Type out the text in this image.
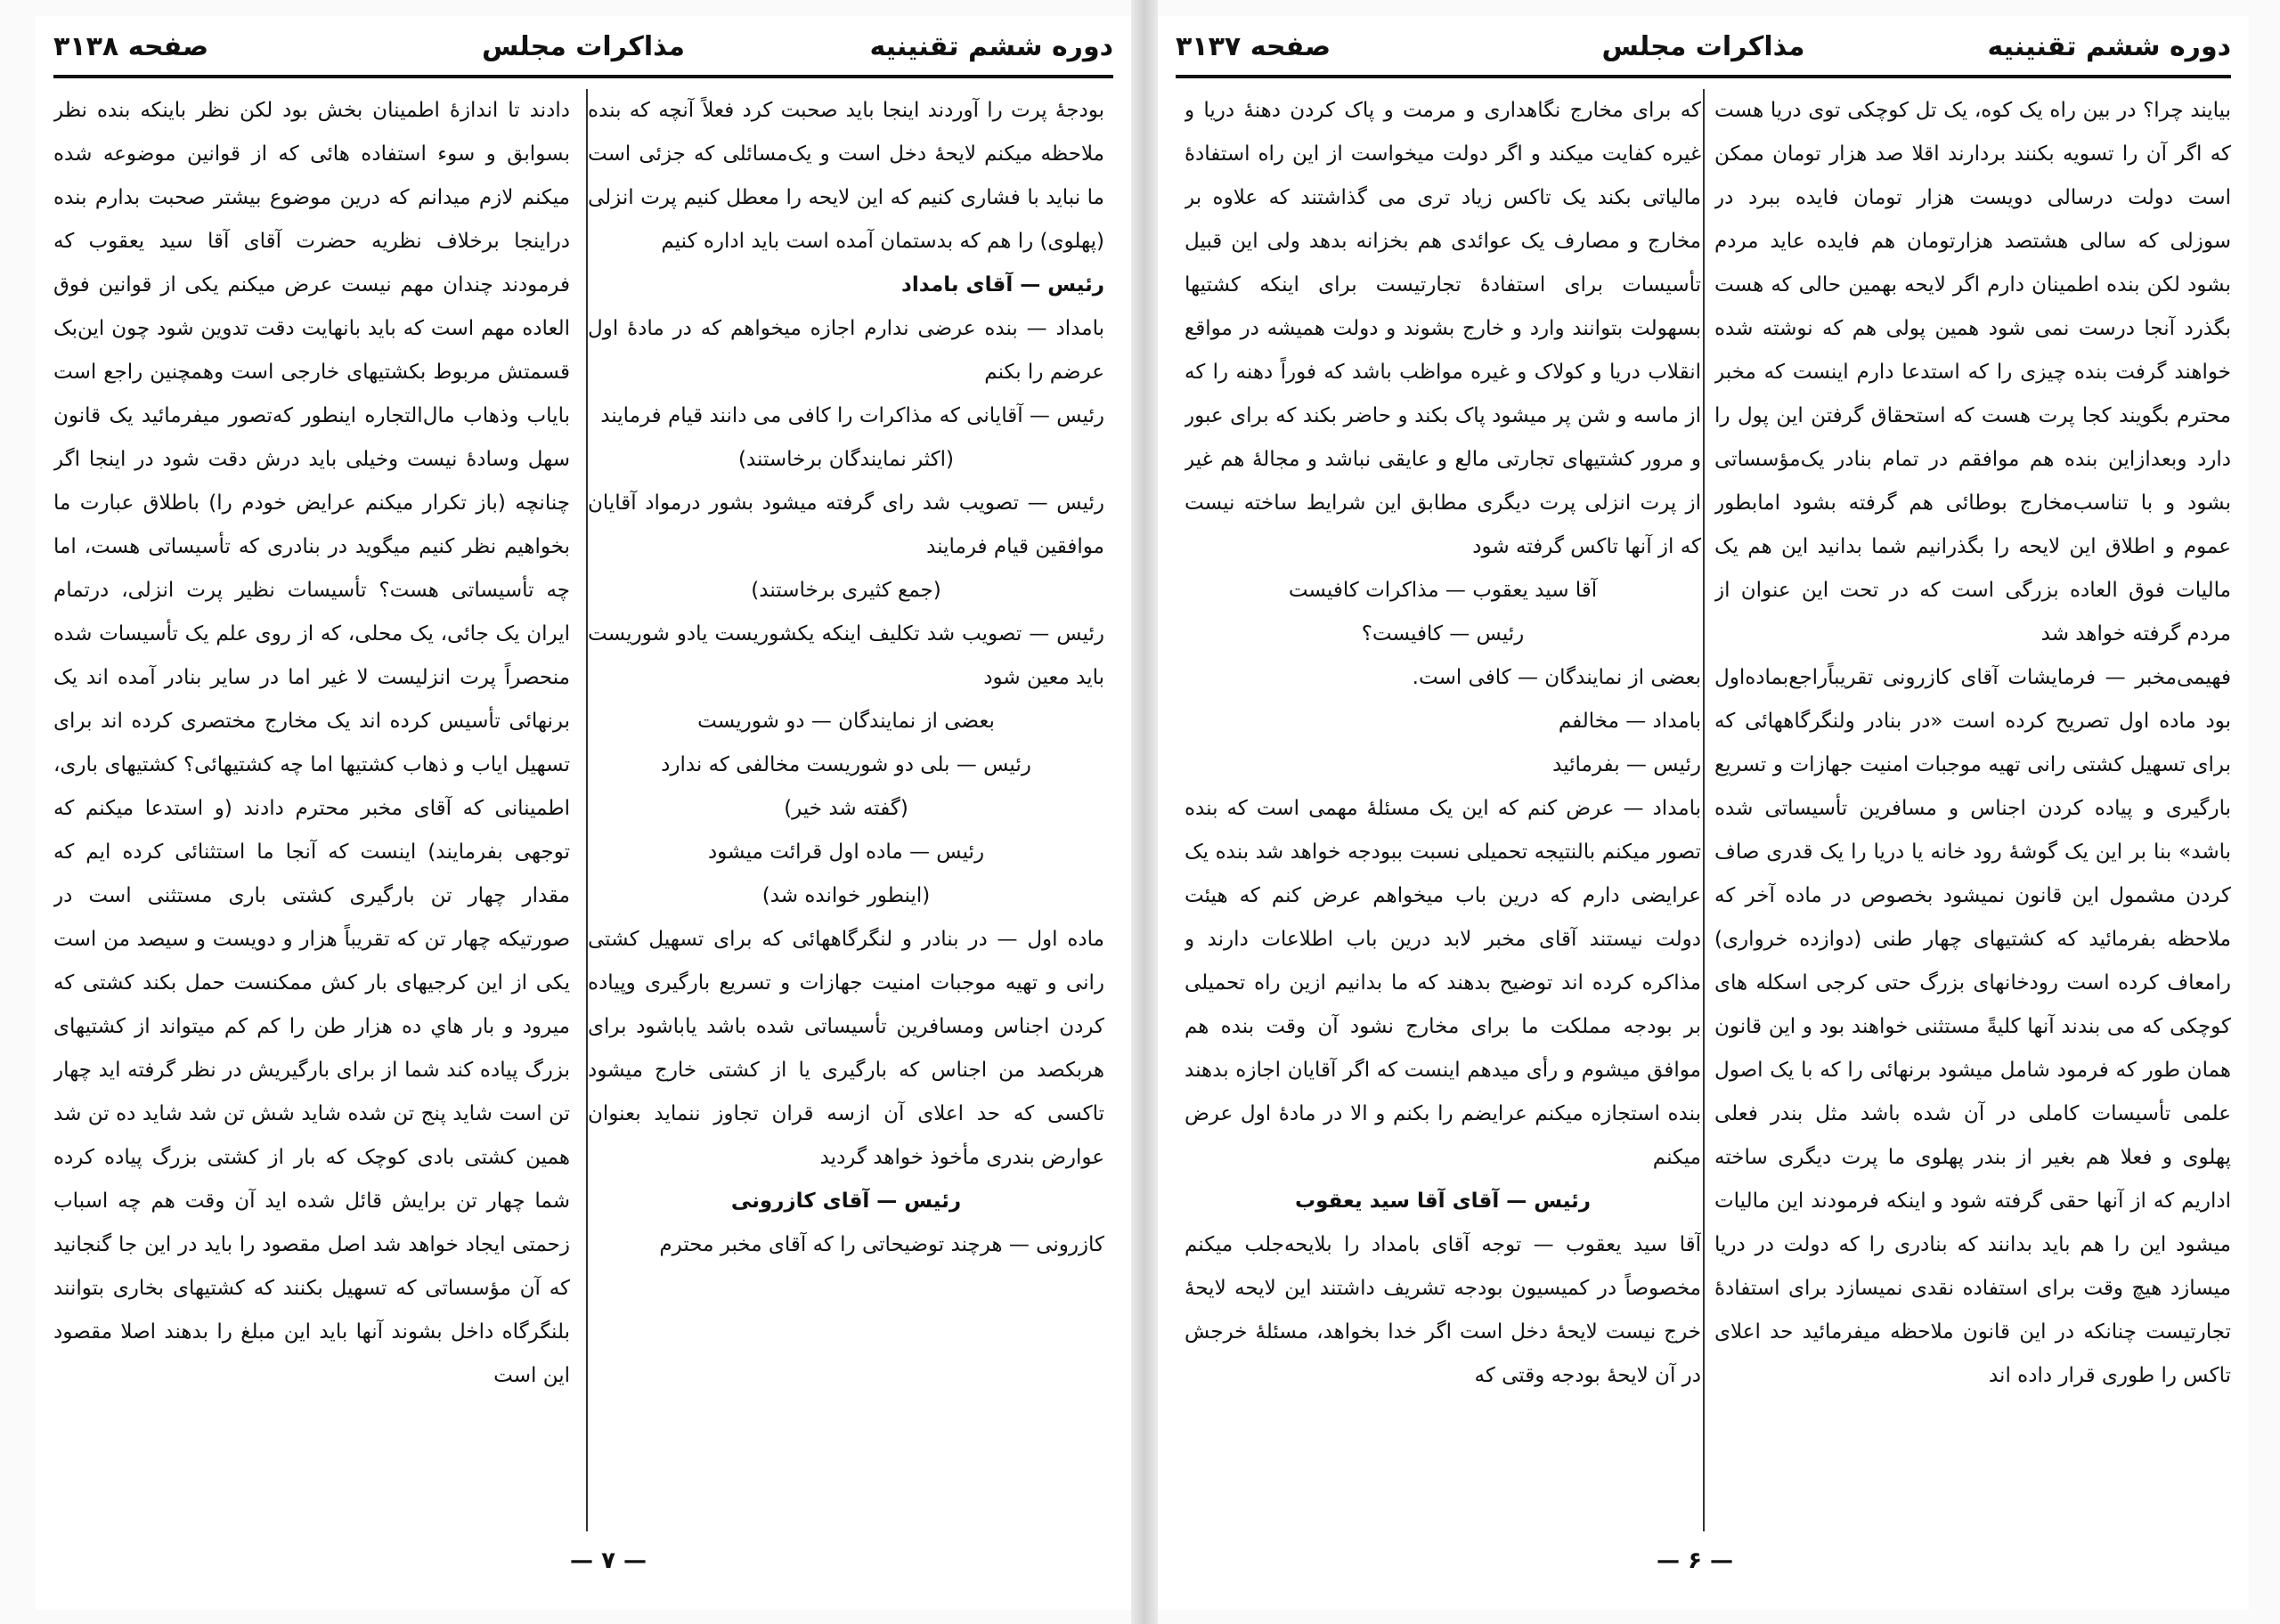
دوره ششم تقنینیه
مذاکرات مجلس
صفحه ۳۱۳۸

بودجهٔ پرت را آوردند اینجا باید صحبت کرد فعلاً آنچه که بنده ملاحظه میکنم لایحهٔ دخل است و یک‌مسائلی که جزئی است ما نباید با فشاری کنیم که این لایحه را معطل کنیم پرت انزلی (پهلوی) را هم که بدستمان آمده است باید اداره کنیم

رئیس — آقای بامداد

بامداد — بنده عرضی ندارم اجازه میخواهم که در مادهٔ اول عرضم را بکنم

رئیس — آقایانی که مذاکرات را کافی می دانند قیام فرمایند

(اکثر نمایندگان برخاستند)

رئیس — تصویب شد رای گرفته میشود بشور درمواد آقایان موافقین قیام فرمایند

(جمع کثیری برخاستند)

رئیس — تصویب شد تکلیف اینکه یکشوریست یادو شوریست باید معین شود

بعضی از نمایندگان — دو شوریست

رئیس — بلی دو شوریست مخالفی که ندارد

(گفته شد خیر)

رئیس — ماده اول قرائت میشود

(اینطور خوانده شد)

ماده اول — در بنادر و لنگرگاههائی که برای تسهیل کشتی رانی و تهیه موجبات امنیت جهازات و تسریع بارگیری وپیاده کردن اجناس ومسافرین تأسیساتی شده باشد یاباشود برای هربکصد من اجناس که بارگیری یا از کشتی خارج میشود تاکسی که حد اعلای آن ازسه قران تجاوز ننماید بعنوان عوارض بندری مأخوذ خواهد گردید

رئیس — آقای کازرونی

کازرونی — هرچند توضیحاتی را که آقای مخبر محترم

دادند تا اندازهٔ اطمینان بخش بود لکن نظر باینکه بنده نظر بسوابق و سوء استفاده هائی که از قوانین موضوعه شده میکنم لازم میدانم که درین موضوع بیشتر صحبت بدارم بنده دراینجا برخلاف نظریه حضرت آقای آقا سید یعقوب که فرمودند چندان مهم نیست عرض میکنم یکی از قوانین فوق العاده مهم است که باید بانهایت دقت تدوین شود چون این‌بک قسمتش مربوط بکشتیهای خارجی است وهمچنین راجع است بایاب وذهاب مال‌التجاره اینطور که‌تصور میفرمائید یک قانون سهل وسادهٔ نیست وخیلی باید درش دقت شود در اینجا اگر چنانچه (باز تکرار میکنم عرایض خودم را) باطلاق عبارت ما بخواهیم نظر کنیم میگوید در بنادری که تأسیساتی هست، اما چه تأسیساتی هست؟ تأسیسات نظیر پرت انزلی، درتمام ایران یک جائی، یک محلی، که از روی علم یک تأسیسات شده منحصراً پرت انزلیست لا غیر اما در سایر بنادر آمده اند یک برنهائی تأسیس کرده اند یک مخارج مختصری کرده اند برای تسهیل ایاب و ذهاب کشتیها اما چه کشتیهائی؟ کشتیهای باری، اطمینانی که آقای مخبر محترم دادند (و استدعا میکنم که توجهی بفرمایند) اینست که آنجا ما استثنائی کرده ایم که مقدار چهار تن بارگیری کشتی باری مستثنی است در صورتیکه چهار تن که تقریباً هزار و دویست و سیصد من است یکی از این کرجیهای بار کش ممکنست حمل بکند کشتی که میرود و بار هاي ده هزار طن را کم کم میتواند از کشتیهای بزرگ پیاده کند شما از برای بارگیریش در نظر گرفته اید چهار تن است شاید پنج تن شده شاید شش تن شد شاید ده تن شد همین کشتی بادی کوچک که بار از کشتی بزرگ پیاده کرده شما چهار تن برایش قائل شده اید آن وقت هم چه اسباب زحمتی ایجاد خواهد شد اصل مقصود را باید در این جا گنجانید که آن مؤسساتی که تسهیل بکنند که کشتیهای بخاری بتوانند بلنگرگاه داخل بشوند آنها باید این مبلغ را بدهند اصلا مقصود این است

— ۷ —
دوره ششم تقنینیه
مذاکرات مجلس
صفحه ۳۱۳۷

بیایند چرا؟ در بین راه یک کوه، یک تل کوچکی توی دریا هست که اگر آن را تسویه بکنند بردارند اقلا صد هزار تومان ممکن است دولت درسالی دویست هزار تومان فایده ببرد در سوزلی که سالی هشتصد هزارتومان هم فایده عاید مردم بشود لکن بنده اطمینان دارم اگر لایحه بهمین حالی که هست بگذرد آنجا درست نمی شود همین پولی هم که نوشته شده خواهند گرفت بنده چیزی را که استدعا دارم اینست که مخبر محترم بگویند کجا پرت هست که استحقاق گرفتن این پول را دارد وبعدازاین بنده هم موافقم در تمام بنادر یک‌مؤسساتی بشود و با تناسب‌مخارج بوطائی هم گرفته بشود امابطور عموم و اطلاق این لایحه را بگذرانیم شما بدانید این هم یک مالیات فوق العاده بزرگی است که در تحت این عنوان از مردم گرفته خواهد شد

فهیمی‌مخبر — فرمایشات آقای کازرونی تقریباًراجع‌بماده‌اول بود ماده اول تصریح کرده است «در بنادر ولنگرگاههائی که برای تسهیل کشتی رانی تهیه موجبات امنیت جهازات و تسریع بارگیری و پیاده کردن اجناس و مسافرین تأسیساتی شده باشد» بنا بر این یک گوشهٔ رود خانه یا دریا را یک قدری صاف کردن مشمول این قانون نمیشود بخصوص در ماده آخر که ملاحظه بفرمائید که کشتیهای چهار طنی (دوازده خرواری) رامعاف کرده است رودخانهای بزرگ حتی کرجی اسکله های کوچکی که می بندند آنها کلیةً مستثنی خواهند بود و این قانون همان طور که فرمود شامل میشود برنهائی را که با یک اصول علمی تأسیسات کاملی در آن شده باشد مثل بندر فعلی پهلوی و فعلا هم بغیر از بندر پهلوی ما پرت دیگری ساخته اداریم که از آنها حقی گرفته شود و اینکه فرمودند این مالیات میشود این را هم باید بدانند که بنادری را که دولت در دریا میسازد هیچ وقت برای استفاده نقدی نمیسازد برای استفادهٔ تجارتیست چنانکه در این قانون ملاحظه میفرمائید حد اعلای تاکس را طوری قرار داده اند

که برای مخارج نگاهداری و مرمت و پاک کردن دهنهٔ دریا و غیره کفایت میکند و اگر دولت میخواست از این راه استفادهٔ مالیاتی بکند یک تاکس زیاد تری می گذاشتند که علاوه بر مخارج و مصارف یک عوائدی هم بخزانه بدهد ولی این قبیل تأسیسات برای استفادهٔ تجارتیست برای اینکه کشتیها بسهولت بتوانند وارد و خارج بشوند و دولت همیشه در مواقع انقلاب دریا و کولاک و غیره مواظب باشد که فوراً دهنه را که از ماسه و شن پر میشود پاک بکند و حاضر بکند که برای عبور و مرور کشتیهای تجارتی مالع و عایقی نباشد و مجالهٔ هم غیر از پرت انزلی پرت دیگری مطابق این شرایط ساخته نیست که از آنها تاکس گرفته شود

آقا سید یعقوب — مذاکرات کافیست

رئیس — کافیست؟

بعضی از نمایندگان — کافی است.

بامداد — مخالفم

رئیس — بفرمائید

بامداد — عرض کنم که این یک مسئلهٔ مهمی است که بنده تصور میکنم بالنتیجه تحمیلی نسبت ببودجه خواهد شد بنده یک عرایضی دارم که درین باب میخواهم عرض کنم که هیئت دولت نیستند آقای مخبر لابد درین باب اطلاعات دارند و مذاکره کرده اند توضیح بدهند که ما بدانیم ازین راه تحمیلی بر بودجه مملکت ما برای مخارج نشود آن وقت بنده هم موافق میشوم و رأی میدهم اینست که اگر آقایان اجازه بدهند بنده استجازه میکنم عرایضم را بکنم و الا در مادهٔ اول عرض میکنم

رئیس — آقای آقا سید یعقوب

آقا سید یعقوب — توجه آقای بامداد را بلایحه‌جلب میکنم مخصوصاً در کمیسیون بودجه تشریف داشتند این لایحه لایحهٔ خرج نیست لایحهٔ دخل است اگر خدا بخواهد، مسئلهٔ خرجش در آن لایحهٔ بودجه وقتی که

— ۶ —
